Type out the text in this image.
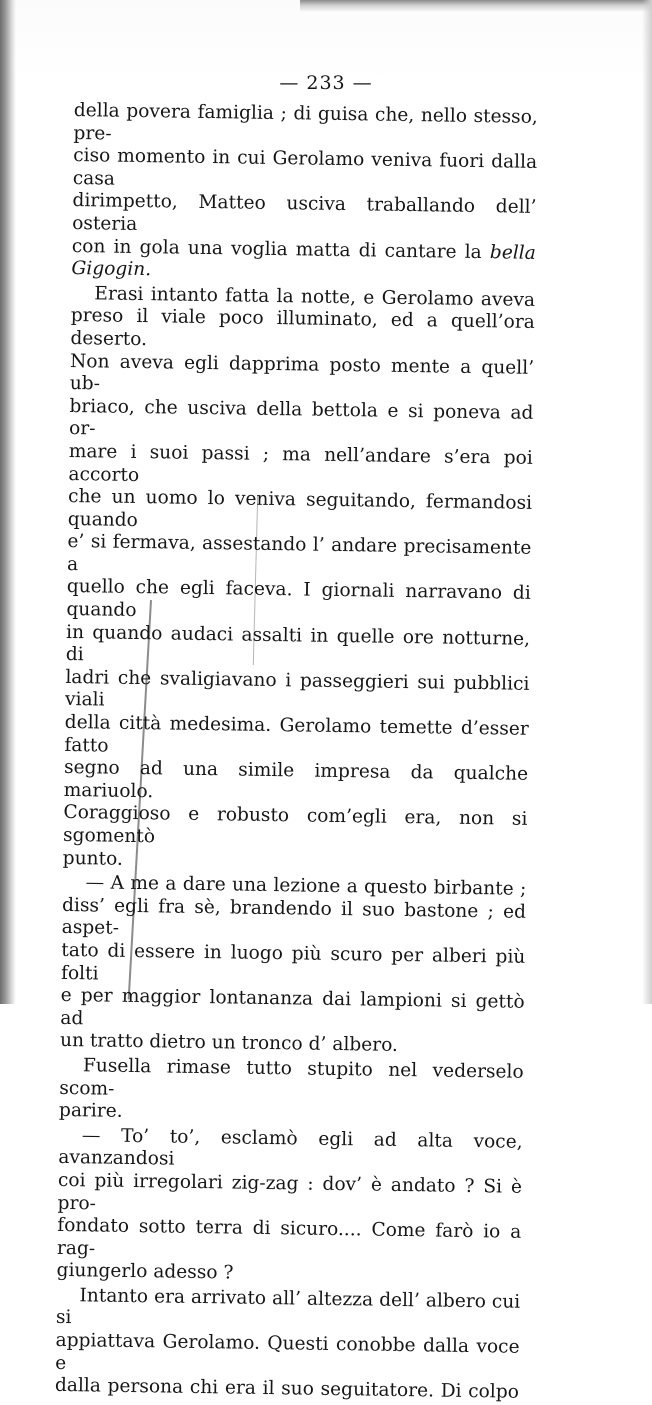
— 233 —

della povera famiglia ; di guisa che, nello stesso, pre-

ciso momento in cui Gerolamo veniva fuori dalla casa

dirimpetto, Matteo usciva traballando dell’ osteria

con in gola una voglia matta di cantare la bella

Gigogin.

Erasi intanto fatta la notte, e Gerolamo aveva

preso il viale poco illuminato, ed a quell’ora deserto.

Non aveva egli dapprima posto mente a quell’ ub-

briaco, che usciva della bettola e si poneva ad or-

mare i suoi passi ; ma nell’andare s’era poi accorto

che un uomo lo veniva seguitando, fermandosi quando

e’ si fermava, assestando l’ andare precisamente a

quello che egli faceva. I giornali narravano di quando

in quando audaci assalti in quelle ore notturne, di

ladri che svaligiavano i passeggieri sui pubblici viali

della città medesima. Gerolamo temette d’esser fatto

segno ad una simile impresa da qualche mariuolo.

Coraggioso e robusto com’egli era, non si sgomentò

punto.

— A me a dare una lezione a questo birbante ;

diss’ egli fra sè, brandendo il suo bastone ; ed aspet-

tato di essere in luogo più scuro per alberi più folti

e per maggior lontananza dai lampioni si gettò ad

un tratto dietro un tronco d’ albero.

Fusella rimase tutto stupito nel vederselo scom-

parire.

— To’ to’, esclamò egli ad alta voce, avanzandosi

coi più irregolari zig-zag : dov’ è andato ? Si è pro-

fondato sotto terra di sicuro.... Come farò io a rag-

giungerlo adesso ?

Intanto era arrivato all’ altezza dell’ albero cui si

appiattava Gerolamo. Questi conobbe dalla voce e

dalla persona chi era il suo seguitatore. Di colpo
